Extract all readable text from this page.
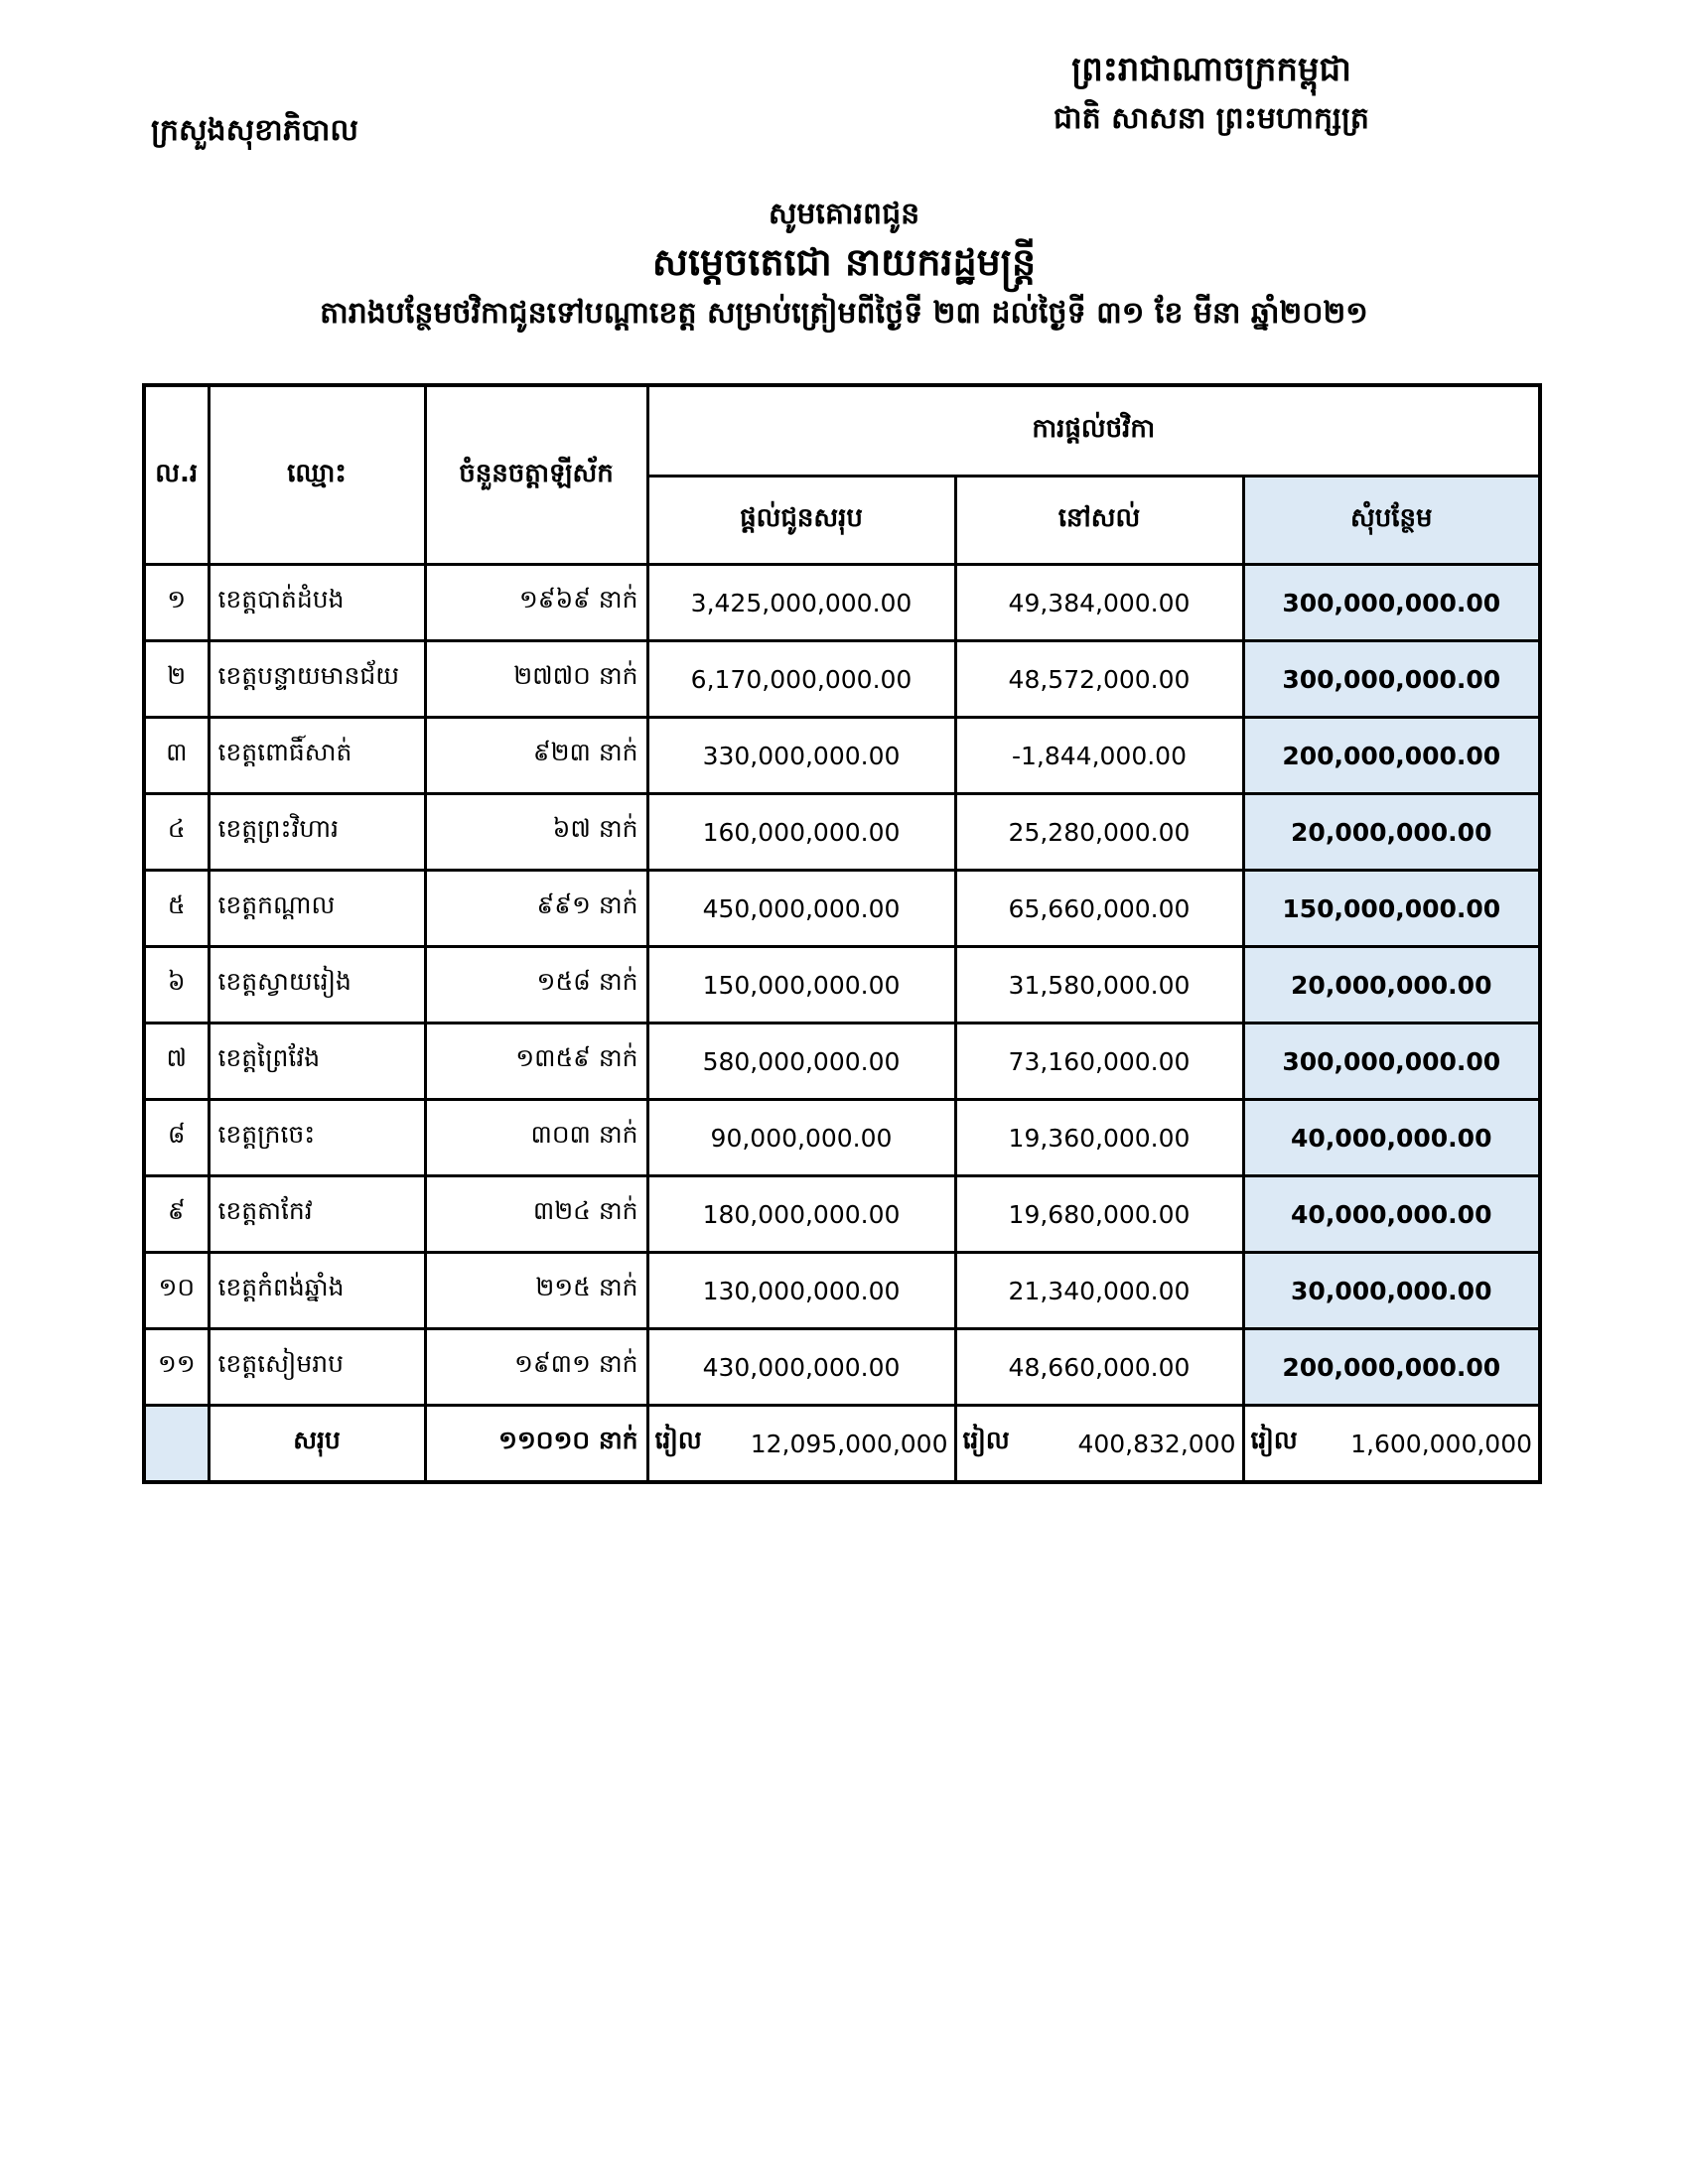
ព្រះរាជាណាចក្រកម្ពុជា
ជាតិ សាសនា ព្រះមហាក្សត្រ
ក្រសួងសុខាភិបាល
សូមគោរពជូន
សម្តេចតេជោ នាយករដ្ឋមន្ត្រី
តារាងបន្ថែមថវិកាជូនទៅបណ្ដាខេត្ត សម្រាប់ត្រៀមពីថ្ងៃទី ២៣ ដល់ថ្ងៃទី ៣១ ខែ មីនា ឆ្នាំ២០២១
ល.រ	ឈ្មោះ	ចំនួនចត្តាឡីស័ក	ការផ្ដល់ថវិកា		
			ផ្ដល់ជូនសរុប	នៅសល់	សុំបន្ថែម
១	ខេត្តបាត់ដំបង	១៩៦៩ នាក់	3,425,000,000.00	49,384,000.00	300,000,000.00
២	ខេត្តបន្ទាយមានជ័យ	២៧៧០ នាក់	6,170,000,000.00	48,572,000.00	300,000,000.00
៣	ខេត្តពោធិ៍សាត់	៩២៣ នាក់	330,000,000.00	-1,844,000.00	200,000,000.00
៤	ខេត្តព្រះវិហារ	៦៧ នាក់	160,000,000.00	25,280,000.00	20,000,000.00
៥	ខេត្តកណ្ដាល	៩៩១ នាក់	450,000,000.00	65,660,000.00	150,000,000.00
៦	ខេត្តស្វាយរៀង	១៥៨ នាក់	150,000,000.00	31,580,000.00	20,000,000.00
៧	ខេត្តព្រៃវែង	១៣៥៩ នាក់	580,000,000.00	73,160,000.00	300,000,000.00
៨	ខេត្តក្រចេះ	៣០៣ នាក់	90,000,000.00	19,360,000.00	40,000,000.00
៩	ខេត្តតាកែវ	៣២៤ នាក់	180,000,000.00	19,680,000.00	40,000,000.00
១០	ខេត្តកំពង់ឆ្នាំង	២១៥ នាក់	130,000,000.00	21,340,000.00	30,000,000.00
១១	ខេត្តសៀមរាប	១៩៣១ នាក់	430,000,000.00	48,660,000.00	200,000,000.00
	សរុប	១១០១០ នាក់	រៀល 12,095,000,000	រៀល 400,832,000	រៀល 1,600,000,000
